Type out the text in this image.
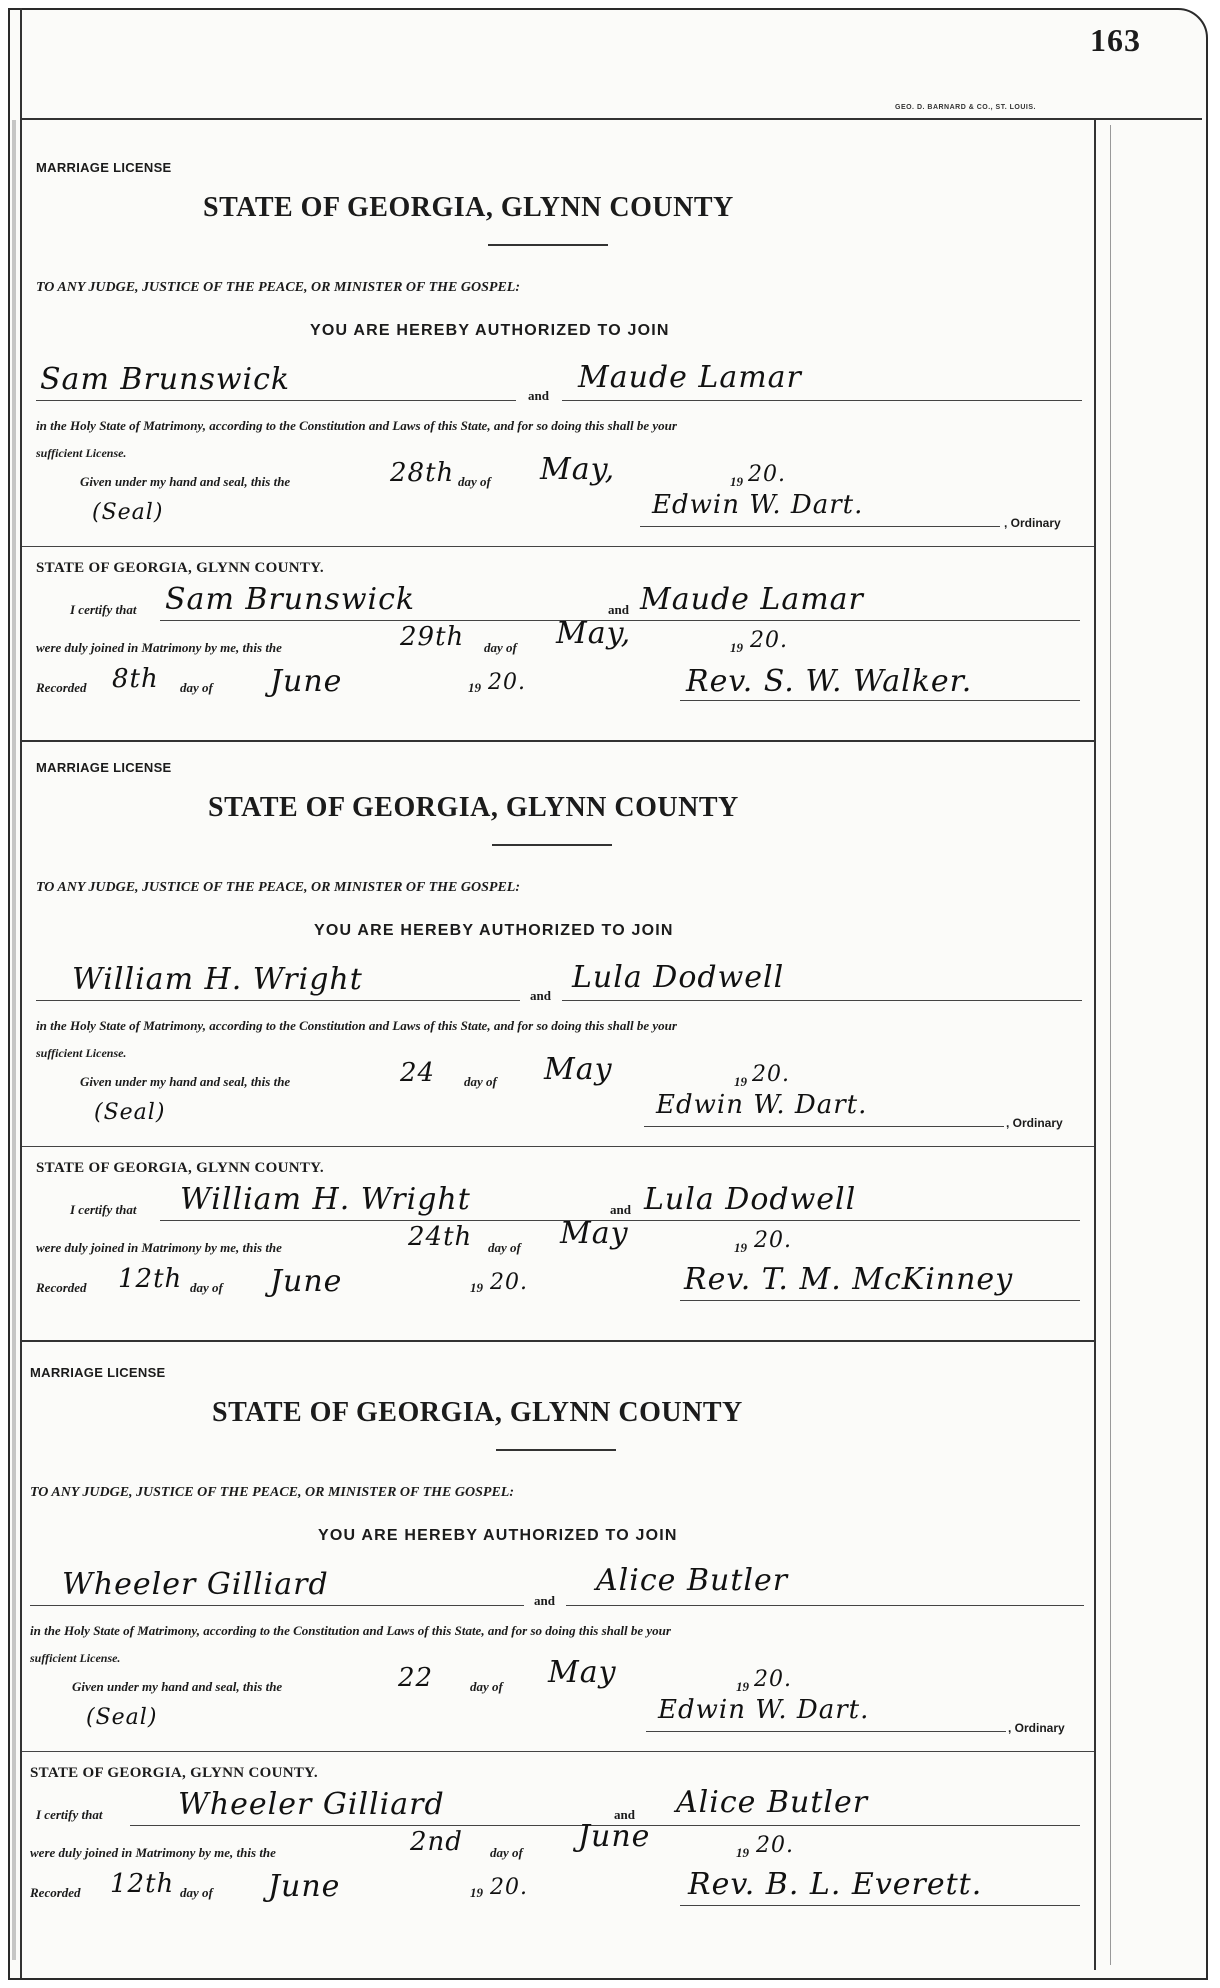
163
GEO. D. BARNARD & CO., ST. LOUIS.
MARRIAGE LICENSE
STATE OF GEORGIA, GLYNN COUNTY
TO ANY JUDGE, JUSTICE OF THE PEACE, OR MINISTER OF THE GOSPEL:
YOU ARE HEREBY AUTHORIZED TO JOIN
Sam Brunswick	and
Maude Lamar
in the Holy State of Matrimony, according to the Constitution and Laws of this State, and for so doing this shall be your
sufficient License.
Given under my hand and seal, this the	28th day of May,	19 20.
(Seal)	Edwin W. Dart.
, Ordinary
STATE OF GEORGIA, GLYNN COUNTY.
I certify that Sam Brunswick	and Maude Lamar
were duly joined in Matrimony by me, this the	29th day of May,	19 20.
Recorded 8th day of June	19 20.	Rev. S. W. Walker.
MARRIAGE LICENSE
STATE OF GEORGIA, GLYNN COUNTY
TO ANY JUDGE, JUSTICE OF THE PEACE, OR MINISTER OF THE GOSPEL:
YOU ARE HEREBY AUTHORIZED TO JOIN
William H. Wright	and
Lula Dodwell
in the Holy State of Matrimony, according to the Constitution and Laws of this State, and for so doing this shall be your
sufficient License.
Given under my hand and seal, this the	24 day of May	19 20.
(Seal)	Edwin W. Dart.
, Ordinary
STATE OF GEORGIA, GLYNN COUNTY.
I certify that William H. Wright	and Lula Dodwell
were duly joined in Matrimony by me, this the	24th day of May	19 20.
Recorded 12th day of June	19 20.	Rev. T. M. McKinney
MARRIAGE LICENSE
STATE OF GEORGIA, GLYNN COUNTY
TO ANY JUDGE, JUSTICE OF THE PEACE, OR MINISTER OF THE GOSPEL:
YOU ARE HEREBY AUTHORIZED TO JOIN
Wheeler Gilliard	and
Alice Butler
in the Holy State of Matrimony, according to the Constitution and Laws of this State, and for so doing this shall be your
sufficient License.
Given under my hand and seal, this the	22	day of May	19 20.
(Seal)	Edwin W. Dart.
, Ordinary
STATE OF GEORGIA, GLYNN COUNTY.
I certify that	Wheeler Gilliard	and Alice Butler
were duly joined in Matrimony by me, this the	2nd day of June	19 20.
Recorded 12th day of June	19 20.	Rev. B. L. Everett.
